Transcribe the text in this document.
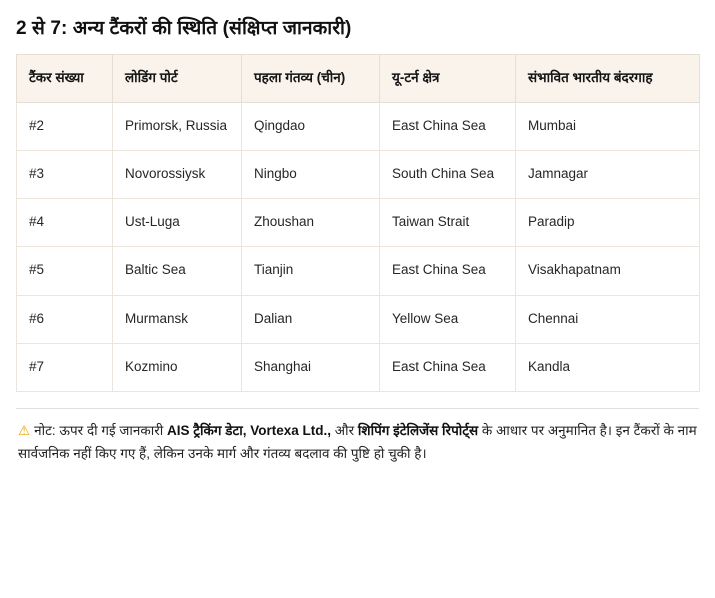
2 से 7: अन्य टैंकरों की स्थिति (संक्षिप्त जानकारी)
टैंकर संख्या	लोडिंग पोर्ट	पहला गंतव्य (चीन)	यू-टर्न क्षेत्र	संभावित भारतीय बंदरगाह
#2	Primorsk, Russia	Qingdao	East China Sea	Mumbai
#3	Novorossiysk	Ningbo	South China Sea	Jamnagar
#4	Ust-Luga	Zhoushan	Taiwan Strait	Paradip
#5	Baltic Sea	Tianjin	East China Sea	Visakhapatnam
#6	Murmansk	Dalian	Yellow Sea	Chennai
#7	Kozmino	Shanghai	East China Sea	Kandla
⚠ नोट: ऊपर दी गई जानकारी AIS ट्रैकिंग डेटा, Vortexa Ltd., और शिपिंग इंटेलिजेंस रिपोर्ट्स के आधार पर अनुमानित है। इन टैंकरों के नाम सार्वजनिक नहीं किए गए हैं, लेकिन उनके मार्ग और गंतव्य बदलाव की पुष्टि हो चुकी है।
